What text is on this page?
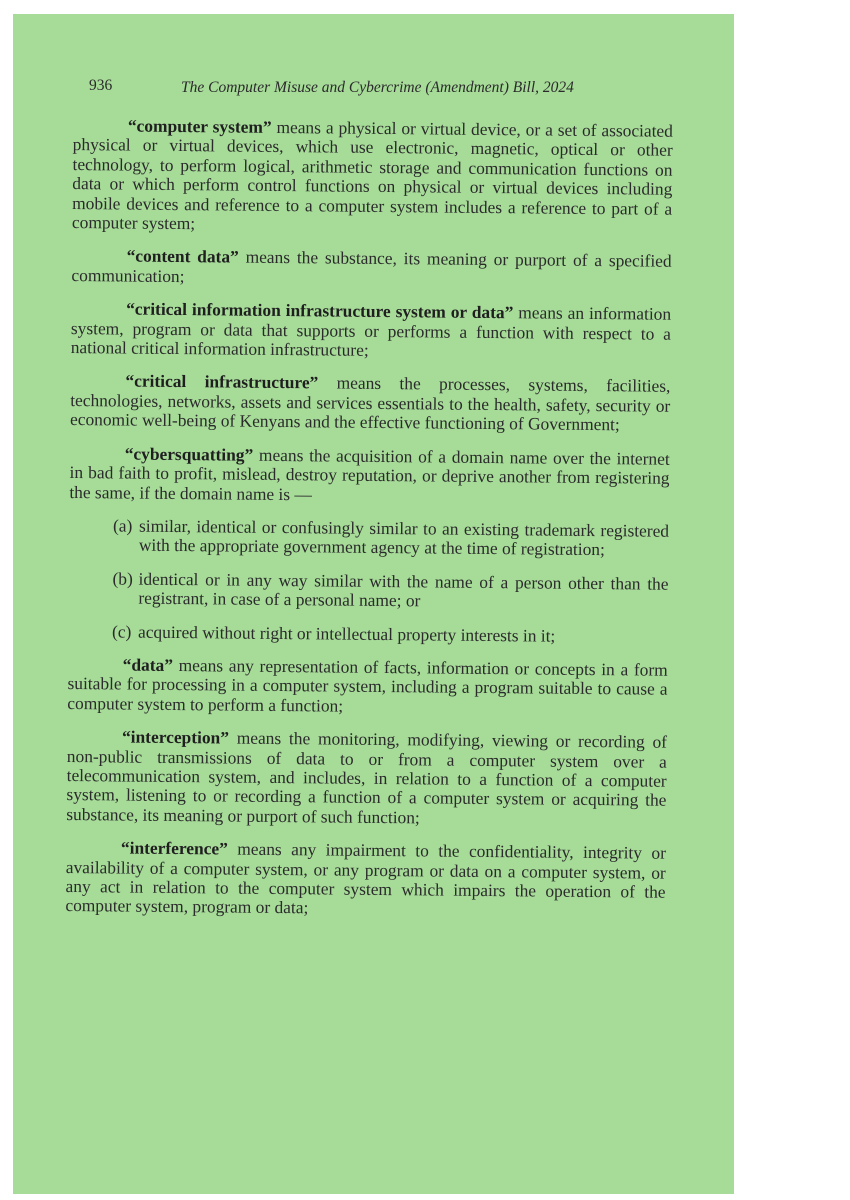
936	The Computer Misuse and Cybercrime (Amendment) Bill, 2024

“computer system” means a physical or virtual device, or a set of associated physical or virtual devices, which use electronic, magnetic, optical or other technology, to perform logical, arithmetic storage and communication functions on data or which perform control functions on physical or virtual devices including mobile devices and reference to a computer system includes a reference to part of a computer system;

“content data” means the substance, its meaning or purport of a specified communication;

“critical information infrastructure system or data” means an information system, program or data that supports or performs a function with respect to a national critical information infrastructure;

“critical infrastructure” means the processes, systems, facilities, technologies, networks, assets and services essentials to the health, safety, security or economic well-being of Kenyans and the effective functioning of Government;

“cybersquatting” means the acquisition of a domain name over the internet in bad faith to profit, mislead, destroy reputation, or deprive another from registering the same, if the domain name is —

(a) similar, identical or confusingly similar to an existing trademark registered with the appropriate government agency at the time of registration;
(b) identical or in any way similar with the name of a person other than the registrant, in case of a personal name; or
(c) acquired without right or intellectual property interests in it;

“data” means any representation of facts, information or concepts in a form suitable for processing in a computer system, including a program suitable to cause a computer system to perform a function;

“interception” means the monitoring, modifying, viewing or recording of non-public transmissions of data to or from a computer system over a telecommunication system, and includes, in relation to a function of a computer system, listening to or recording a function of a computer system or acquiring the substance, its meaning or purport of such function;

“interference” means any impairment to the confidentiality, integrity or availability of a computer system, or any program or data on a computer system, or any act in relation to the computer system which impairs the operation of the computer system, program or data;
